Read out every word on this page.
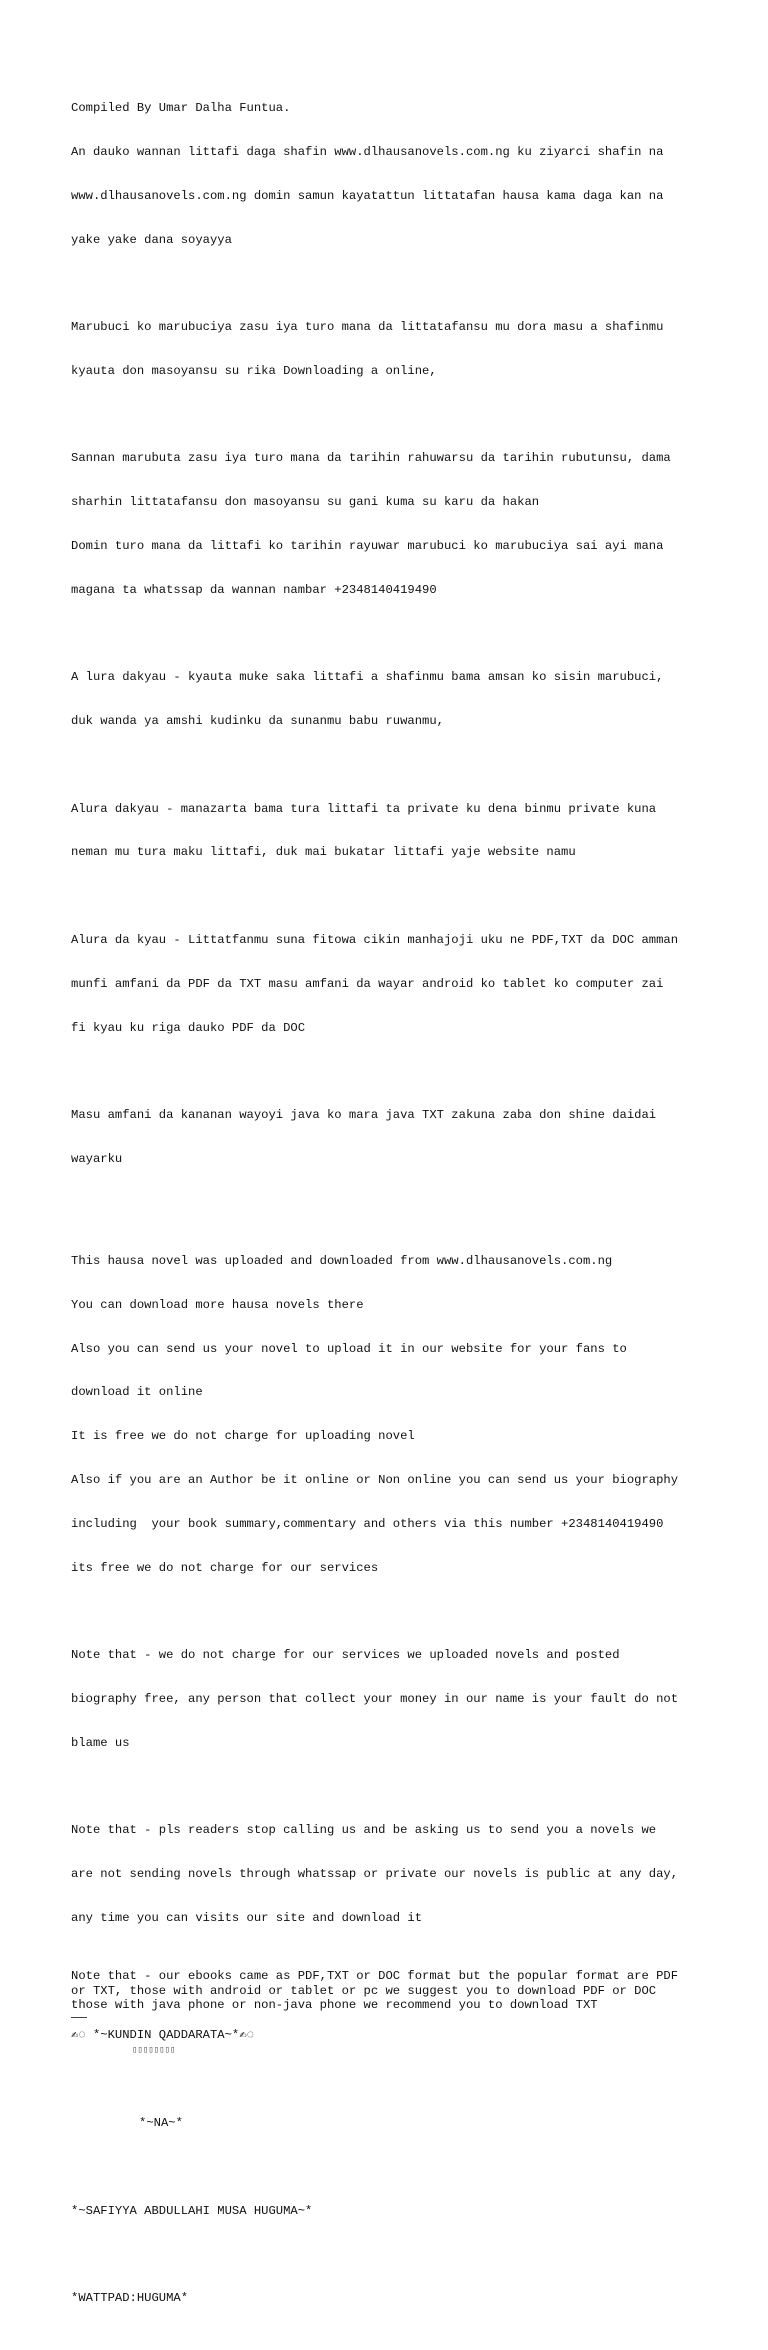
Compiled By Umar Dalha Funtua.

An dauko wannan littafi daga shafin www.dlhausanovels.com.ng ku ziyarci shafin na

www.dlhausanovels.com.ng domin samun kayatattun littatafan hausa kama daga kan na

yake yake dana soyayya

Marubuci ko marubuciya zasu iya turo mana da littatafansu mu dora masu a shafinmu

kyauta don masoyansu su rika Downloading a online,

Sannan marubuta zasu iya turo mana da tarihin rahuwarsu da tarihin rubutunsu, dama

sharhin littatafansu don masoyansu su gani kuma su karu da hakan

Domin turo mana da littafi ko tarihin rayuwar marubuci ko marubuciya sai ayi mana

magana ta whatssap da wannan nambar +2348140419490

A lura dakyau - kyauta muke saka littafi a shafinmu bama amsan ko sisin marubuci,

duk wanda ya amshi kudinku da sunanmu babu ruwanmu,

Alura dakyau - manazarta bama tura littafi ta private ku dena binmu private kuna

neman mu tura maku littafi, duk mai bukatar littafi yaje website namu

Alura da kyau - Littatfanmu suna fitowa cikin manhajoji uku ne PDF,TXT da DOC amman

munfi amfani da PDF da TXT masu amfani da wayar android ko tablet ko computer zai

fi kyau ku riga dauko PDF da DOC

Masu amfani da kananan wayoyi java ko mara java TXT zakuna zaba don shine daidai

wayarku

This hausa novel was uploaded and downloaded from www.dlhausanovels.com.ng

You can download more hausa novels there

Also you can send us your novel to upload it in our website for your fans to

download it online

It is free we do not charge for uploading novel

Also if you are an Author be it online or Non online you can send us your biography

including  your book summary,commentary and others via this number +2348140419490

its free we do not charge for our services

Note that - we do not charge for our services we uploaded novels and posted

biography free, any person that collect your money in our name is your fault do not

blame us

Note that - pls readers stop calling us and be asking us to send you a novels we

are not sending novels through whatssap or private our novels is public at any day,

any time you can visits our site and download it

Note that - our ebooks came as PDF,TXT or DOC format but the popular format are PDF
or TXT, those with android or tablet or pc we suggest you to download PDF or DOC
those with java phone or non-java phone we recommend you to download TXT
✍◌ *~KUNDIN QADDARATA~*✍◌
▯▯▯▯▯▯▯▯

*~NA~*

*~SAFIYYA ABDULLAHI MUSA HUGUMA~*

*WATTPAD:HUGUMA*
